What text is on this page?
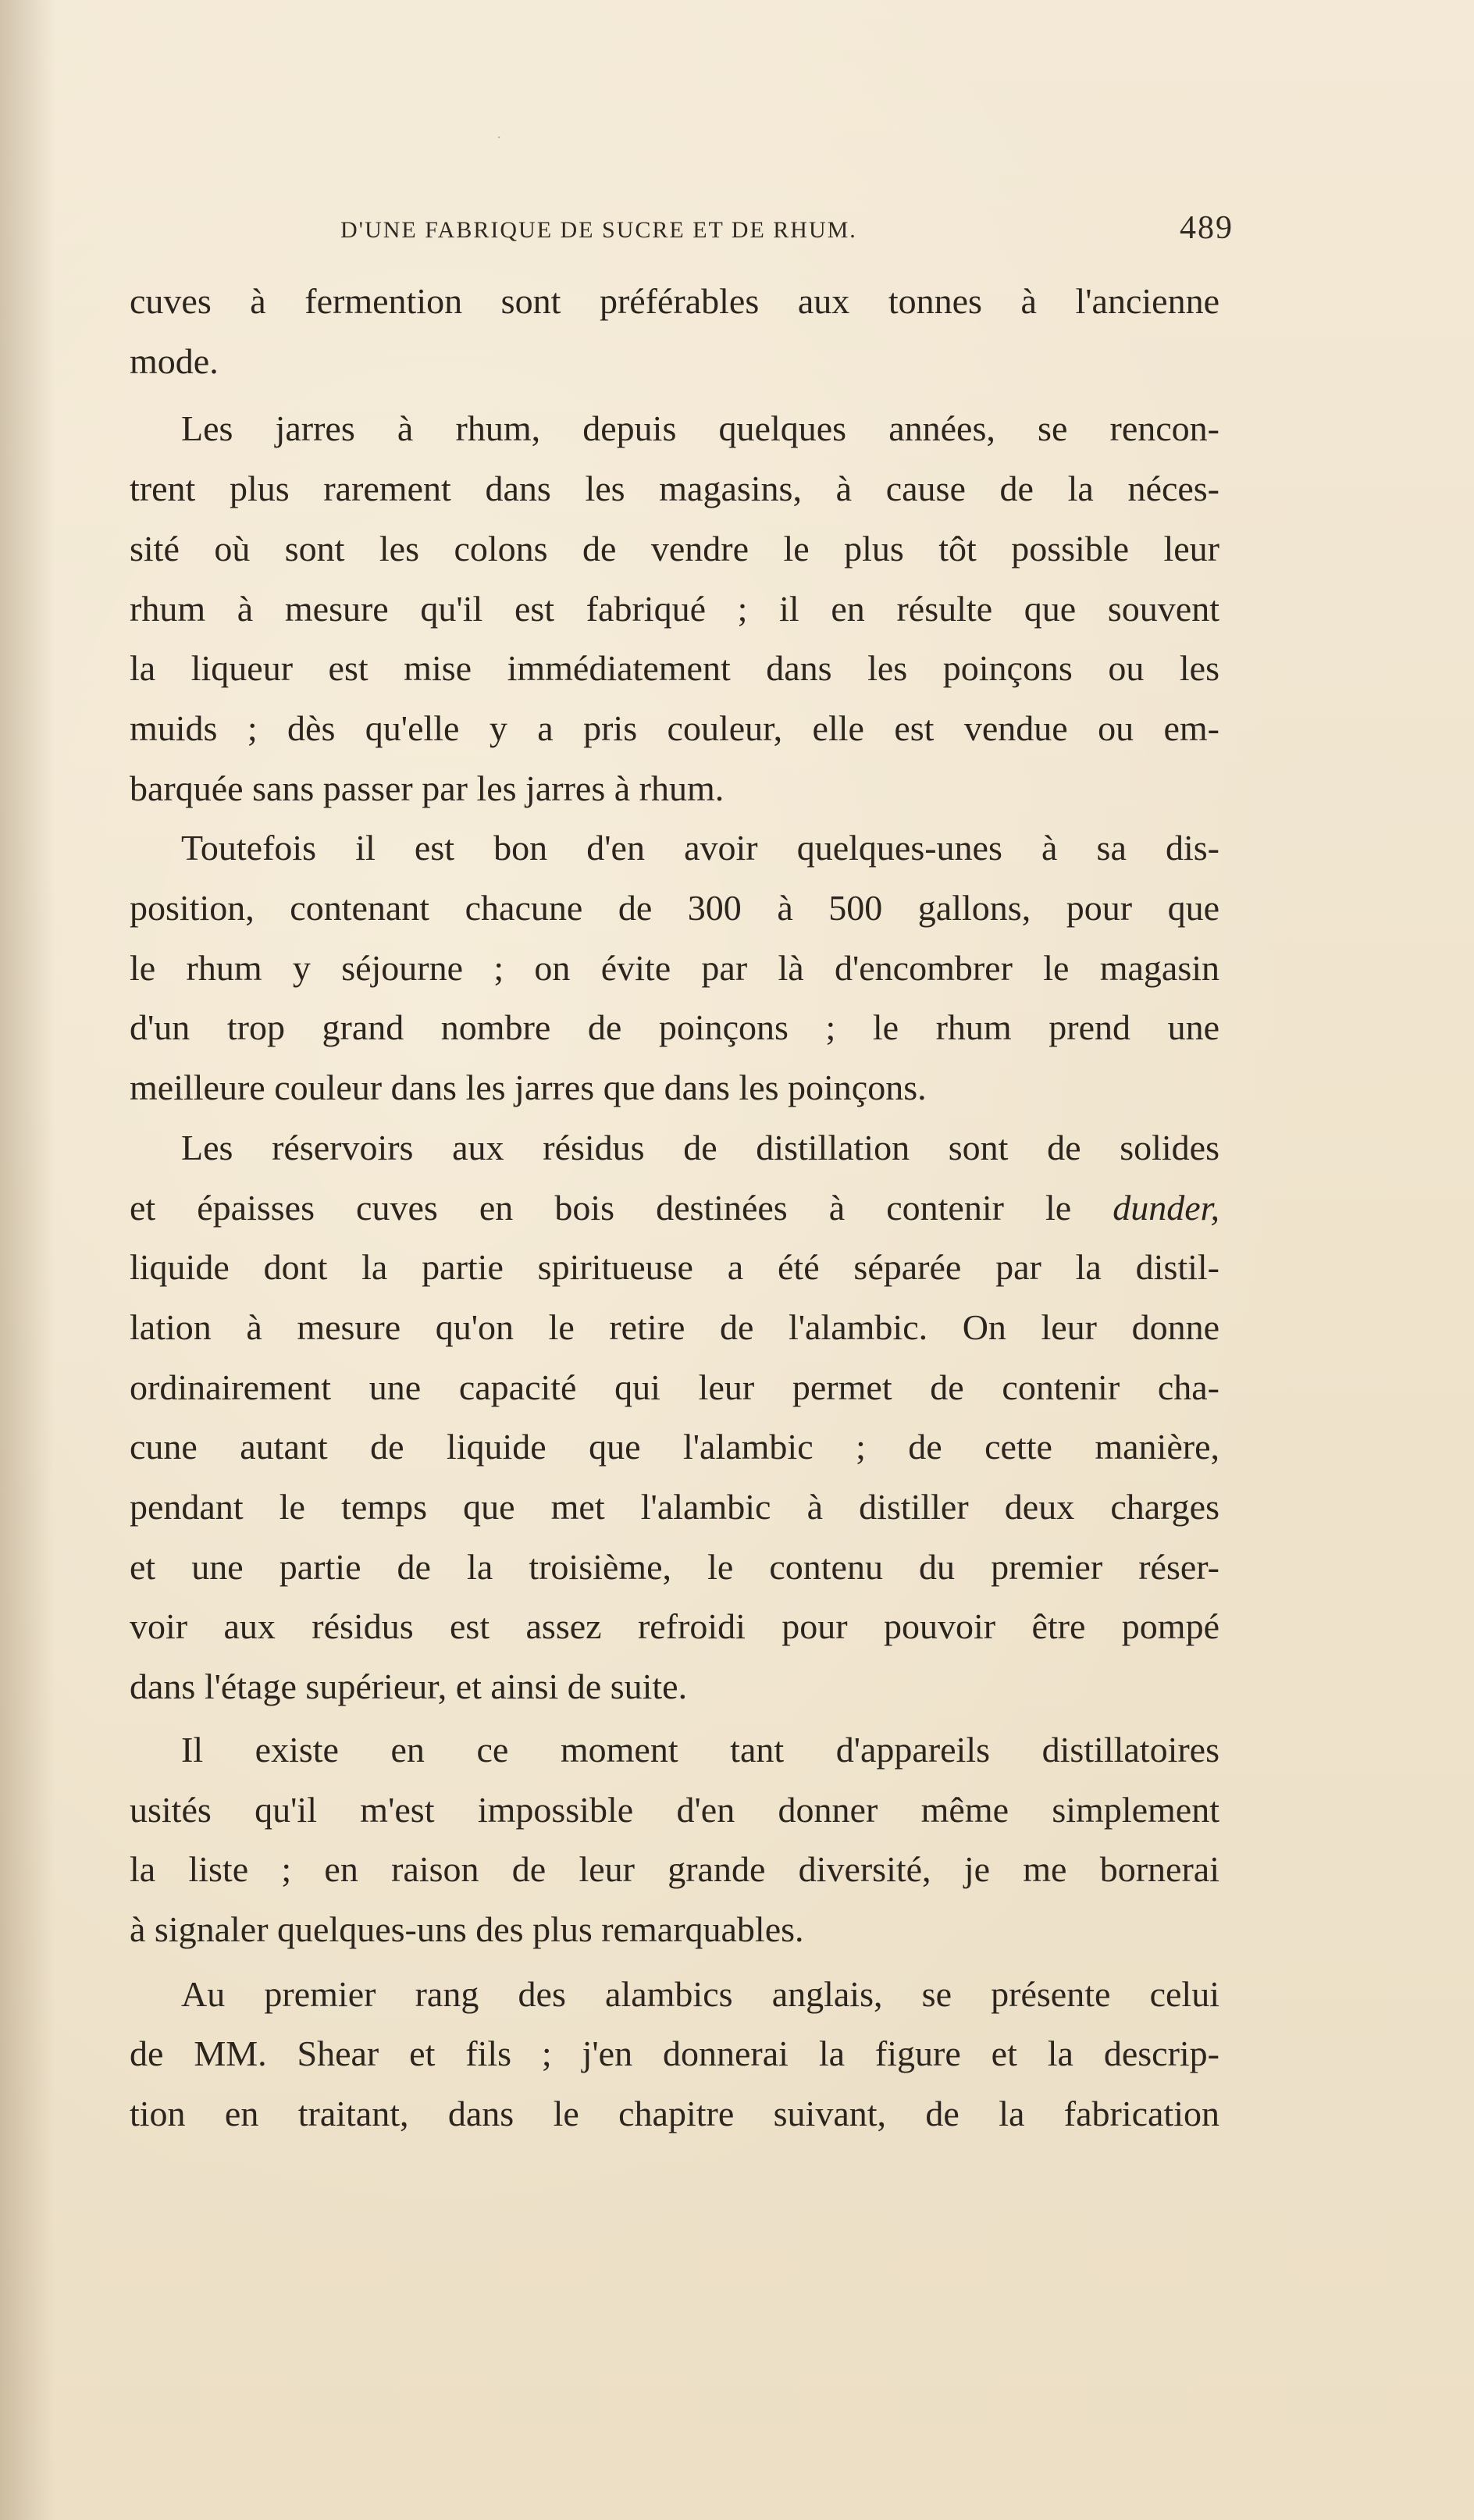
⋅
D'UNE FABRIQUE DE SUCRE ET DE RHUM.	489
cuves à fermention sont préférables aux tonnes à l'ancienne
mode.
Les jarres à rhum, depuis quelques années, se rencon-
trent plus rarement dans les magasins, à cause de la néces-
sité où sont les colons de vendre le plus tôt possible leur
rhum à mesure qu'il est fabriqué ; il en résulte que souvent
la liqueur est mise immédiatement dans les poinçons ou les
muids ; dès qu'elle y a pris couleur, elle est vendue ou em-
barquée sans passer par les jarres à rhum.
Toutefois il est bon d'en avoir quelques-unes à sa dis-
position, contenant chacune de 300 à 500 gallons, pour que
le rhum y séjourne ; on évite par là d'encombrer le magasin
d'un trop grand nombre de poinçons ; le rhum prend une
meilleure couleur dans les jarres que dans les poinçons.
Les réservoirs aux résidus de distillation sont de solides
et épaisses cuves en bois destinées à contenir le dunder,
liquide dont la partie spiritueuse a été séparée par la distil-
lation à mesure qu'on le retire de l'alambic. On leur donne
ordinairement une capacité qui leur permet de contenir cha-
cune autant de liquide que l'alambic ; de cette manière,
pendant le temps que met l'alambic à distiller deux charges
et une partie de la troisième, le contenu du premier réser-
voir aux résidus est assez refroidi pour pouvoir être pompé
dans l'étage supérieur, et ainsi de suite.
Il existe en ce moment tant d'appareils distillatoires
usités qu'il m'est impossible d'en donner même simplement
la liste ; en raison de leur grande diversité, je me bornerai
à signaler quelques-uns des plus remarquables.
Au premier rang des alambics anglais, se présente celui
de MM. Shear et fils ; j'en donnerai la figure et la descrip-
tion en traitant, dans le chapitre suivant, de la fabrication
